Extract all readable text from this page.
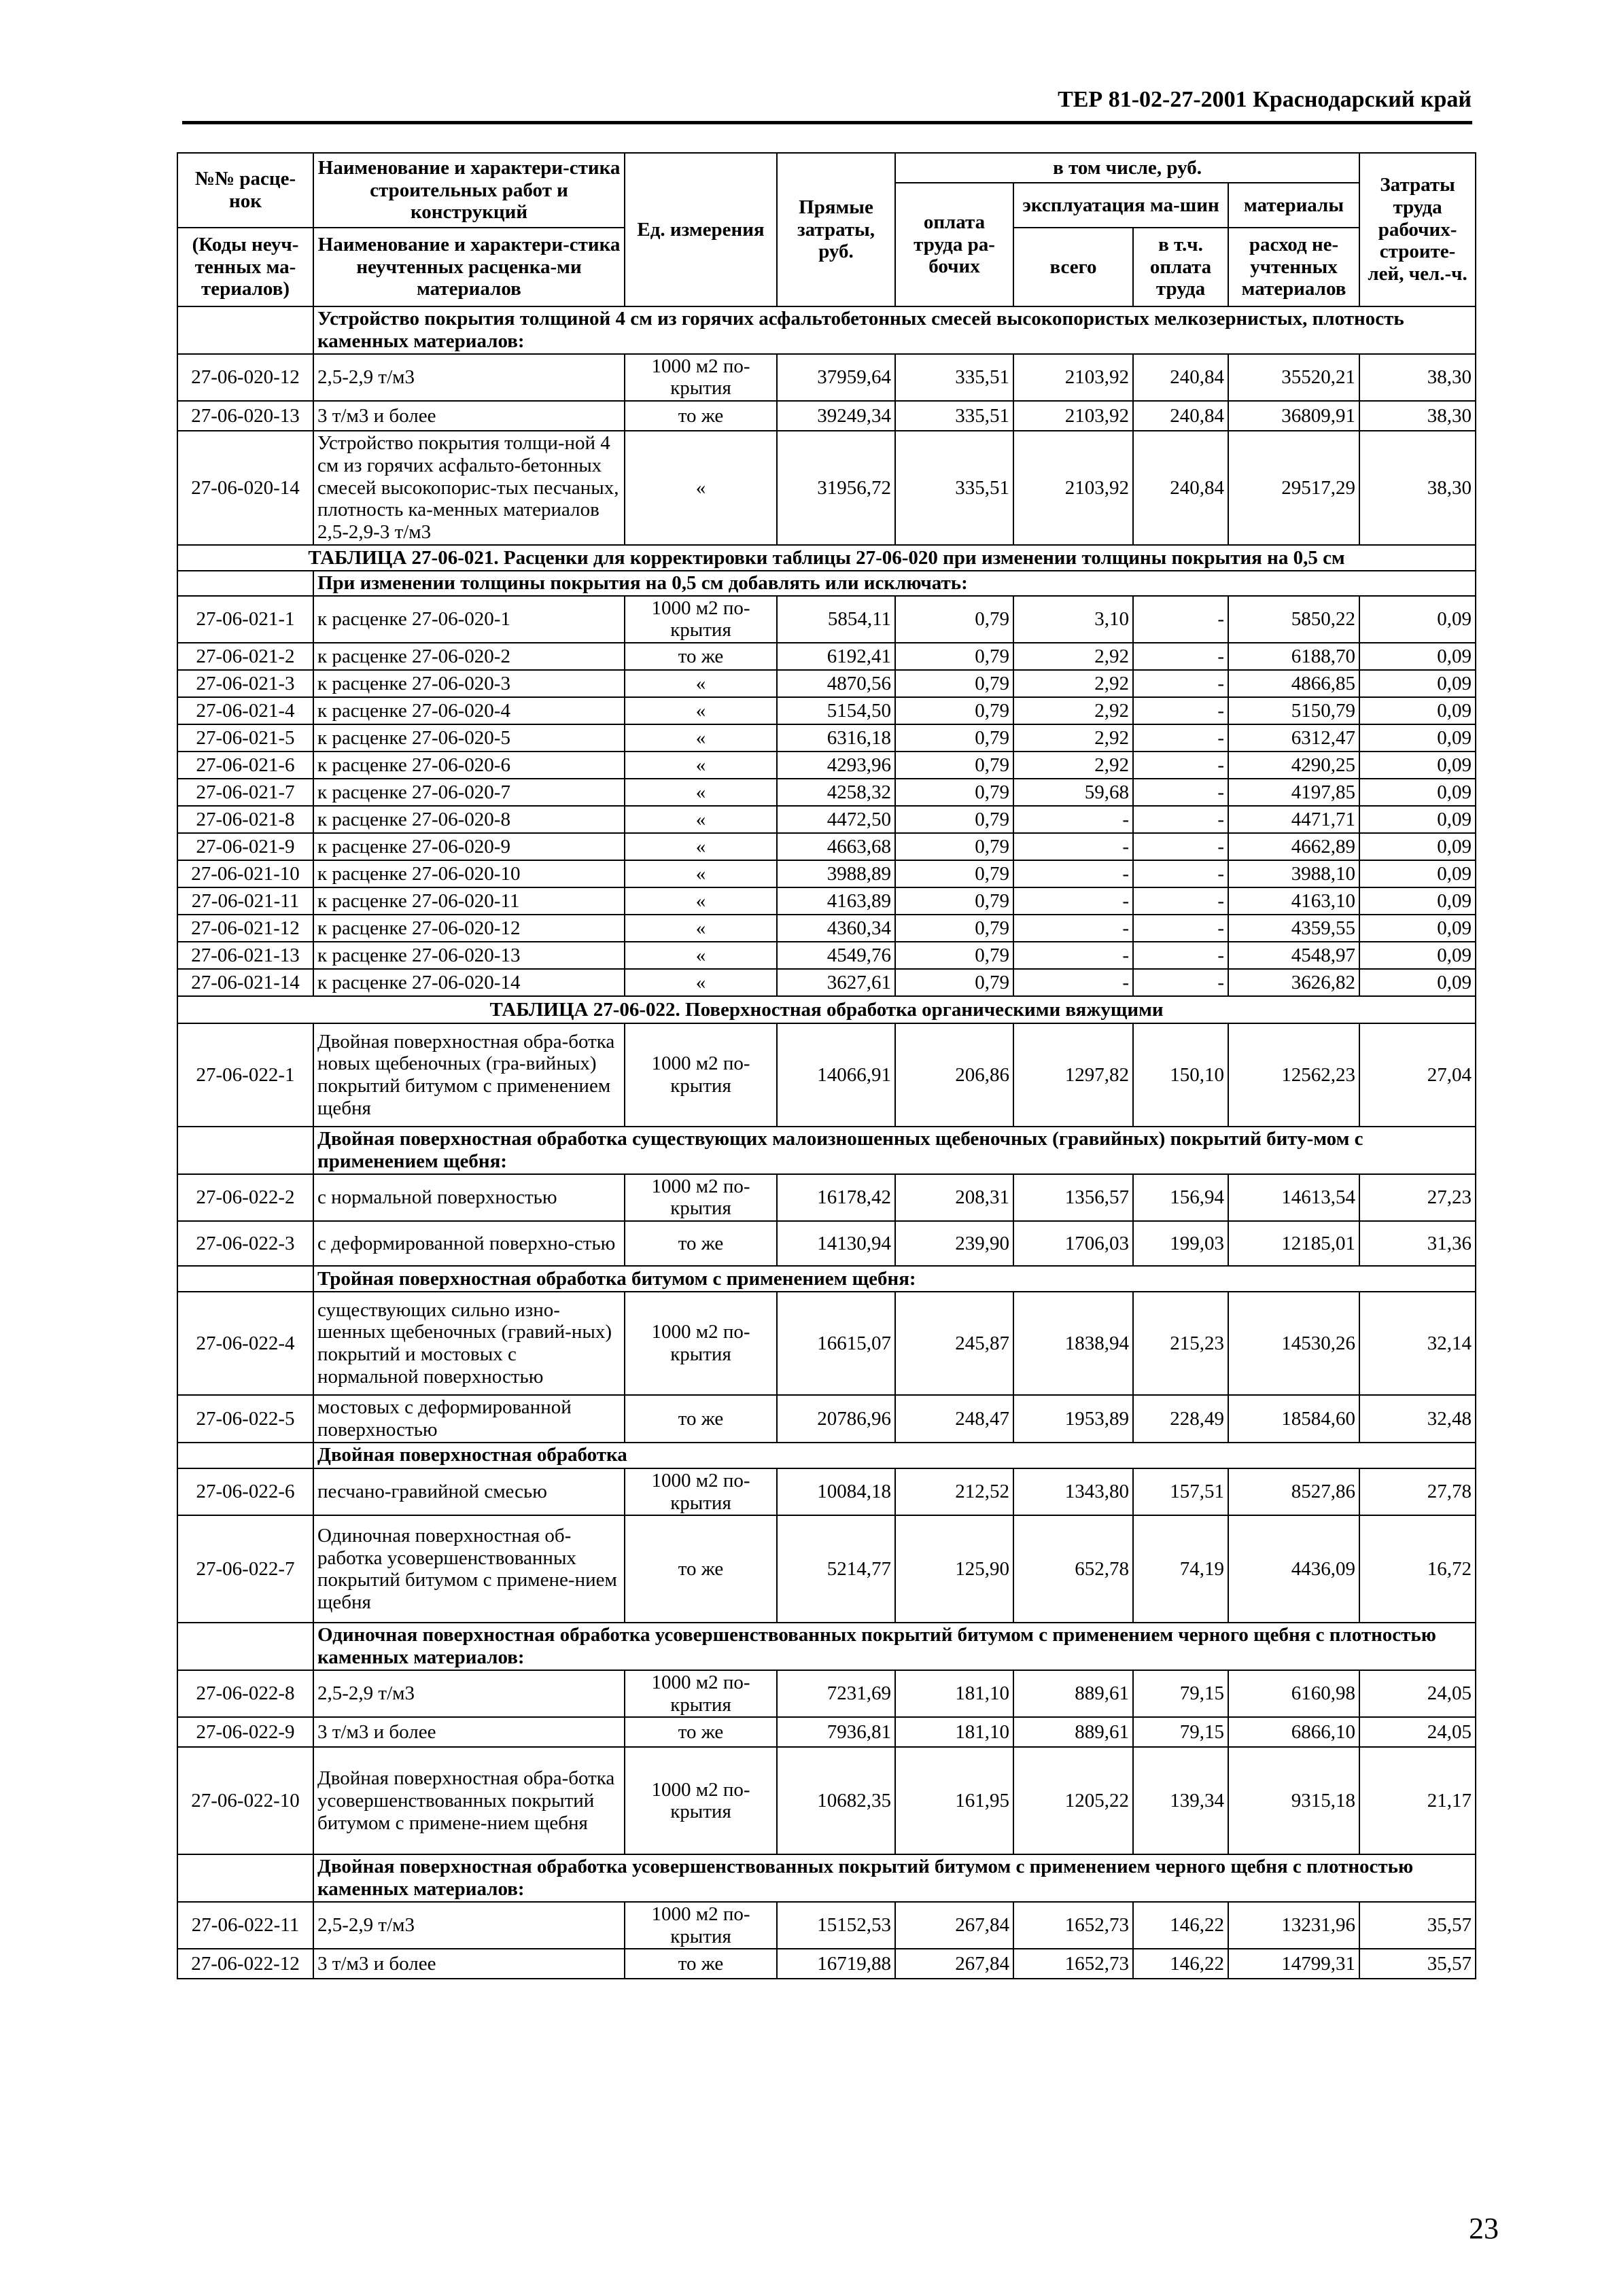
ТЕР 81-02-27-2001 Краснодарский край
№№ расце-нок	Наименование и характери-стика строительных работ и конструкций	Ед. измерения	Прямые затраты, руб.	в том числе, руб.				Затраты труда рабочих-строите-лей, чел.-ч.
				оплата труда ра-бочих	эксплуатация ма-шин		материалы	
(Коды неуч-тенных ма-териалов)	Наименование и характери-стика неучтенных расценка-ми материалов				всего	в т.ч. оплата труда	расход не-учтенных материалов	

	Устройство покрытия толщиной 4 см из горячих асфальтобетонных смесей высокопористых мелкозернистых, плотность каменных материалов:							
27-06-020-12	2,5-2,9 т/м3	1000 м2 по-крытия	37959,64	335,51	2103,92	240,84	35520,21	38,30
27-06-020-13	3 т/м3 и более	то же	39249,34	335,51	2103,92	240,84	36809,91	38,30
27-06-020-14	Устройство покрытия толщи-ной 4 см из горячих асфальто-бетонных смесей высокопорис-тых песчаных, плотность ка-менных материалов 2,5-2,9-3 т/м3	«	31956,72	335,51	2103,92	240,84	29517,29	38,30
ТАБЛИЦА 27-06-021. Расценки для корректировки таблицы 27-06-020 при изменении толщины покрытия на 0,5 см								
	При изменении толщины покрытия на 0,5 см добавлять или исключать:							
27-06-021-1	к расценке 27-06-020-1	1000 м2 по-крытия	5854,11	0,79	3,10	-	5850,22	0,09
27-06-021-2	к расценке 27-06-020-2	то же	6192,41	0,79	2,92	-	6188,70	0,09
27-06-021-3	к расценке 27-06-020-3	«	4870,56	0,79	2,92	-	4866,85	0,09
27-06-021-4	к расценке 27-06-020-4	«	5154,50	0,79	2,92	-	5150,79	0,09
27-06-021-5	к расценке 27-06-020-5	«	6316,18	0,79	2,92	-	6312,47	0,09
27-06-021-6	к расценке 27-06-020-6	«	4293,96	0,79	2,92	-	4290,25	0,09
27-06-021-7	к расценке 27-06-020-7	«	4258,32	0,79	59,68	-	4197,85	0,09
27-06-021-8	к расценке 27-06-020-8	«	4472,50	0,79	-	-	4471,71	0,09
27-06-021-9	к расценке 27-06-020-9	«	4663,68	0,79	-	-	4662,89	0,09
27-06-021-10	к расценке 27-06-020-10	«	3988,89	0,79	-	-	3988,10	0,09
27-06-021-11	к расценке 27-06-020-11	«	4163,89	0,79	-	-	4163,10	0,09
27-06-021-12	к расценке 27-06-020-12	«	4360,34	0,79	-	-	4359,55	0,09
27-06-021-13	к расценке 27-06-020-13	«	4549,76	0,79	-	-	4548,97	0,09
27-06-021-14	к расценке 27-06-020-14	«	3627,61	0,79	-	-	3626,82	0,09
ТАБЛИЦА 27-06-022. Поверхностная обработка органическими вяжущими								
27-06-022-1	Двойная поверхностная обра-ботка новых щебеночных (гра-вийных) покрытий битумом с применением щебня	1000 м2 по-крытия	14066,91	206,86	1297,82	150,10	12562,23	27,04
	Двойная поверхностная обработка существующих малоизношенных щебеночных (гравийных) покрытий биту-мом с применением щебня:							
27-06-022-2	с нормальной поверхностью	1000 м2 по-крытия	16178,42	208,31	1356,57	156,94	14613,54	27,23
27-06-022-3	с деформированной поверхно-стью	то же	14130,94	239,90	1706,03	199,03	12185,01	31,36
	Тройная поверхностная обработка битумом с применением щебня:							
27-06-022-4	существующих сильно изно-шенных щебеночных (гравий-ных) покрытий и мостовых с нормальной поверхностью	1000 м2 по-крытия	16615,07	245,87	1838,94	215,23	14530,26	32,14
27-06-022-5	мостовых с деформированной поверхностью	то же	20786,96	248,47	1953,89	228,49	18584,60	32,48
	Двойная поверхностная обработка							
27-06-022-6	песчано-гравийной смесью	1000 м2 по-крытия	10084,18	212,52	1343,80	157,51	8527,86	27,78
27-06-022-7	Одиночная поверхностная об-работка усовершенствованных покрытий битумом с примене-нием щебня	то же	5214,77	125,90	652,78	74,19	4436,09	16,72
	Одиночная поверхностная обработка усовершенствованных покрытий битумом с применением черного щебня с плотностью каменных материалов:							
27-06-022-8	2,5-2,9 т/м3	1000 м2 по-крытия	7231,69	181,10	889,61	79,15	6160,98	24,05
27-06-022-9	3 т/м3 и более	то же	7936,81	181,10	889,61	79,15	6866,10	24,05
27-06-022-10	Двойная поверхностная обра-ботка усовершенствованных покрытий битумом с примене-нием щебня	1000 м2 по-крытия	10682,35	161,95	1205,22	139,34	9315,18	21,17
	Двойная поверхностная обработка усовершенствованных покрытий битумом с применением черного щебня с плотностью каменных материалов:							
27-06-022-11	2,5-2,9 т/м3	1000 м2 по-крытия	15152,53	267,84	1652,73	146,22	13231,96	35,57
27-06-022-12	3 т/м3 и более	то же	16719,88	267,84	1652,73	146,22	14799,31	35,57
23
